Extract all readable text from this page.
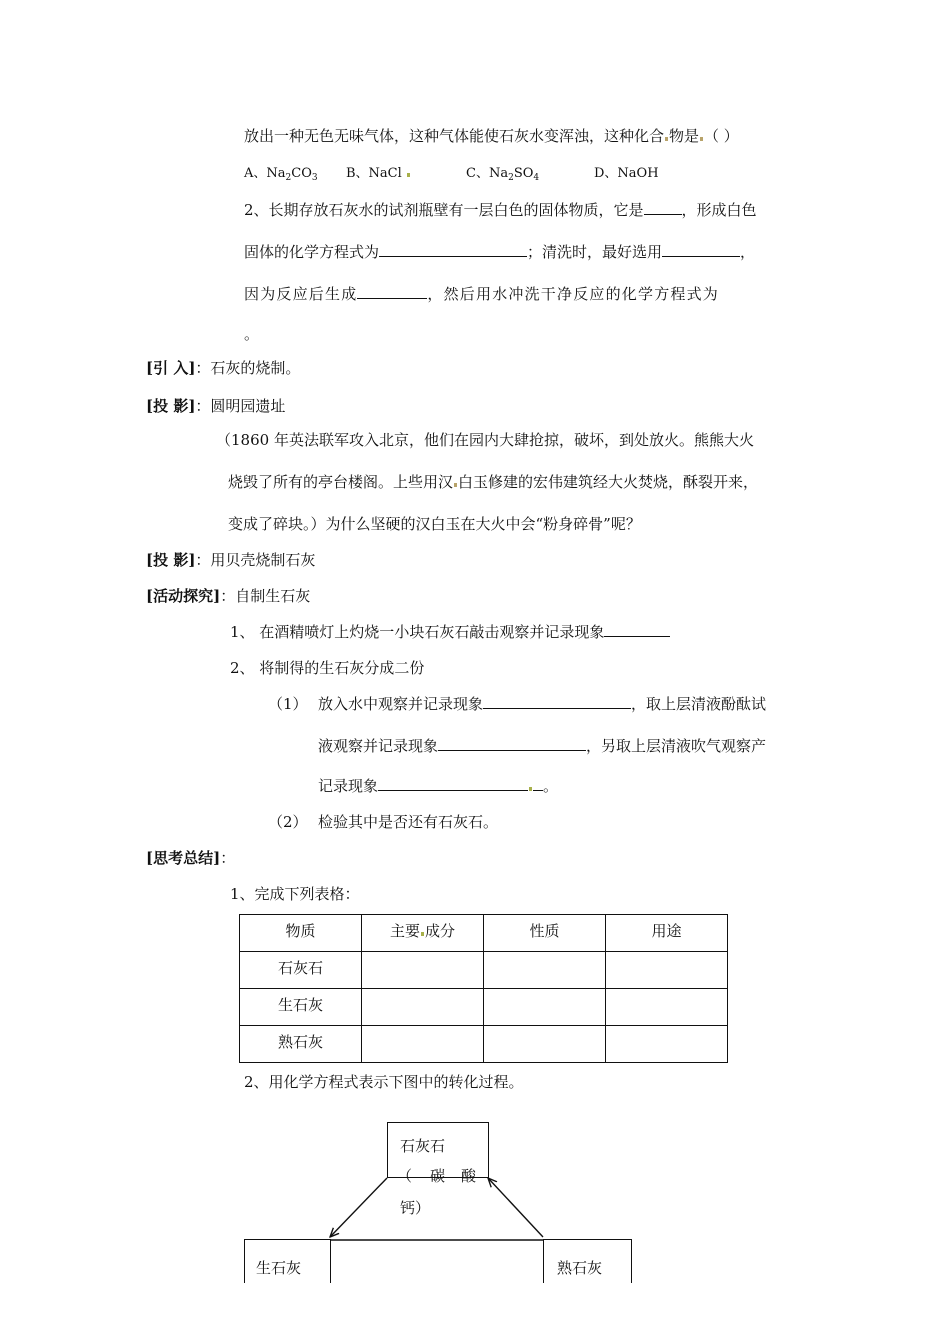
放出一种无色无味气体，这种气体能使石灰水变浑浊，这种化合 物是 （ ）
A、$Na_2CO_3$ B、NaCl	C、$Na_2SO_4$	D、NaOH
2、长期存放石灰水的试剂瓶壁有一层白色的固体物质，它是	，形成白色
固体的化学方程式为	；清洗时，最好选用	，
因为反应后生成	，然后用水冲洗干净反应的化学方程式为
。
[引 入]：石灰的烧制。
[投 影]：圆明园遗址
（1860 年英法联军攻入北京，他们在园内大肆抢掠，破坏，到处放火。熊熊大火
烧毁了所有的亭台楼阁。上些用汉 白玉修建的宏伟建筑经大火焚烧，酥裂开来，
变成了碎块。）为什么坚硬的汉白玉在大火中会“粉身碎骨”呢？
[投 影]：用贝壳烧制石灰
[活动探究]：自制生石灰
1、 在酒精喷灯上灼烧一小块石灰石敲击观察并记录现象
2、 将制得的生石灰分成二份
（1） 放入水中观察并记录现象	，取上层清液酚酞试
液观察并记录现象	，另取上层清液吹气观察产
记录现象	。
（2） 检验其中是否还有石灰石。
[思考总结]：
1、完成下列表格：
物质	主要 成分	性质	用途
石灰石			
生石灰			
熟石灰			
2、用化学方程式表示下图中的转化过程。
石灰石
（ 碳 酸
钙）
生石灰	熟石灰
